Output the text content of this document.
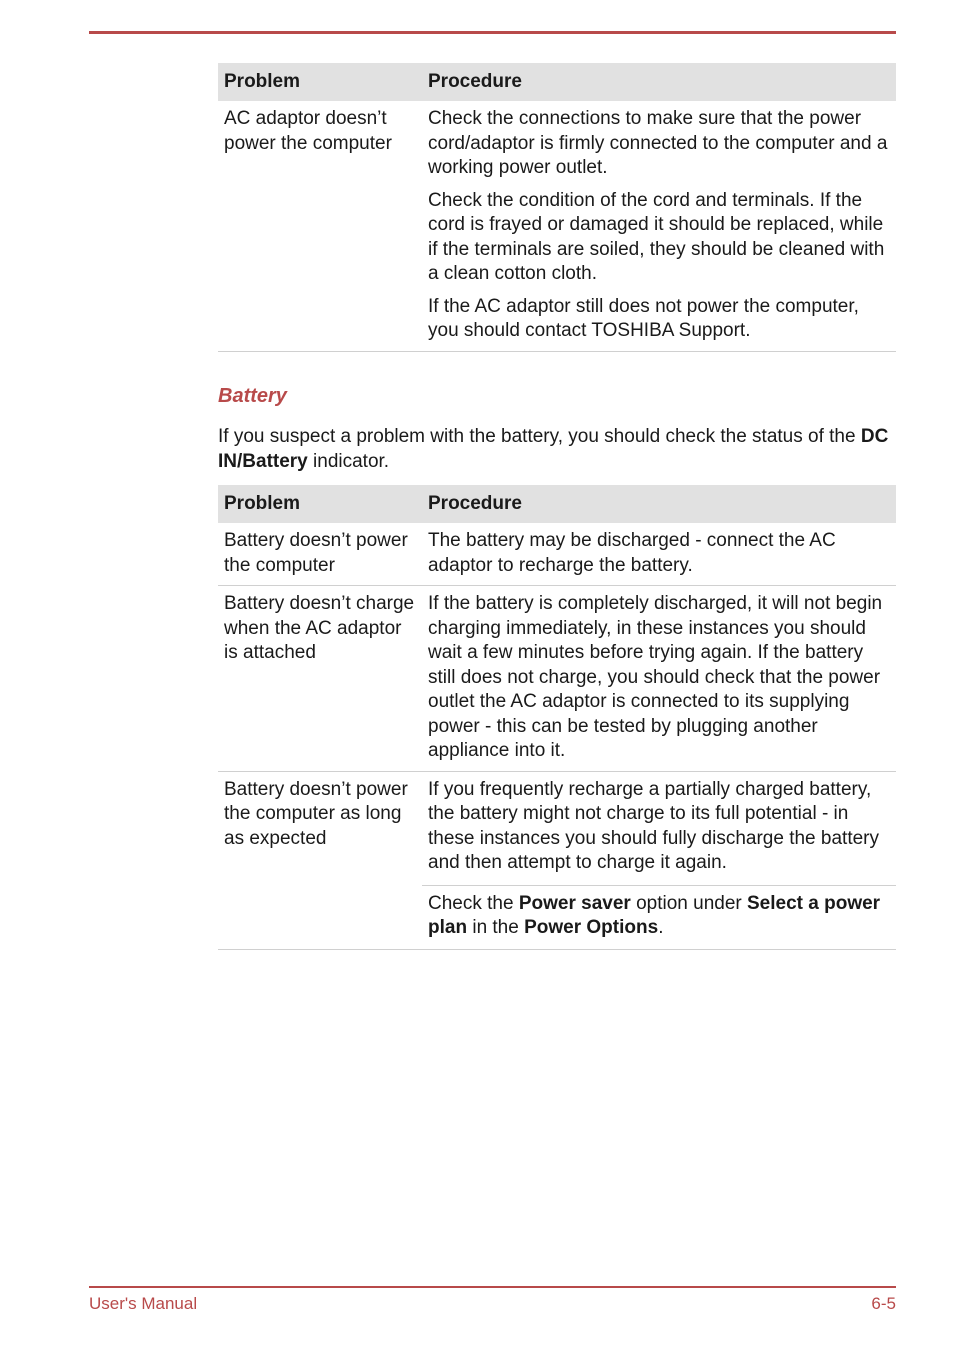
Problem	Procedure
AC adaptor doesn’t power the computer	Check the connections to make sure that the power cord/adaptor is firmly connected to the computer and a working power outlet.

Check the condition of the cord and terminals. If the cord is frayed or damaged it should be replaced, while if the terminals are soiled, they should be cleaned with a clean cotton cloth.

If the AC adaptor still does not power the computer, you should contact TOSHIBA Support.

Battery
If you suspect a problem with the battery, you should check the status of the DC IN/Battery indicator.
Problem	Procedure
Battery doesn’t power the computer	The battery may be discharged - connect the AC adaptor to recharge the battery.

Battery doesn’t charge when the AC adaptor is attached	If the battery is completely discharged, it will not begin charging immediately, in these instances you should wait a few minutes before trying again. If the battery still does not charge, you should check that the power outlet the AC adaptor is connected to its supplying power - this can be tested by plugging another appliance into it.

Battery doesn’t power the computer as long as expected	If you frequently recharge a partially charged battery, the battery might not charge to its full potential - in these instances you should fully discharge the battery and then attempt to charge it again.

	Check the Power saver option under Select a power plan in the Power Options.

User's Manual	6-5
